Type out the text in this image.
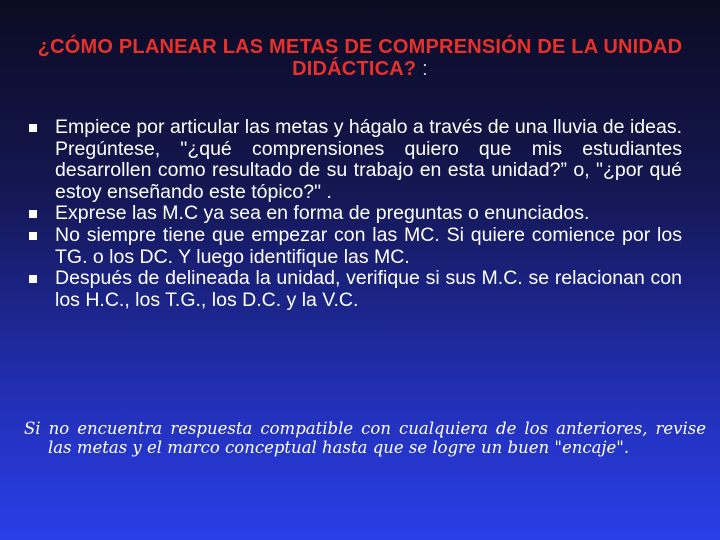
¿CÓMO PLANEAR LAS METAS DE COMPRENSIÓN DE LA UNIDAD DIDÁCTICA? :
Empiece por articular las metas y hágalo a través de una lluvia de ideas. Pregúntese, "¿qué comprensiones quiero que mis estudiantes desarrollen como resultado de su trabajo en esta unidad?” o, "¿por qué estoy enseñando este tópico?" .
Exprese las M.C ya sea en forma de preguntas o enunciados.
No siempre tiene que empezar con las MC. Si quiere comience por los TG. o los DC. Y luego identifique las MC.
Después de delineada la unidad, verifique si sus M.C. se relacionan con los H.C., los T.G., los D.C. y la V.C.
Si no encuentra respuesta compatible con cualquiera de los anteriores, revise las metas y el marco conceptual hasta que se logre un buen "encaje".
